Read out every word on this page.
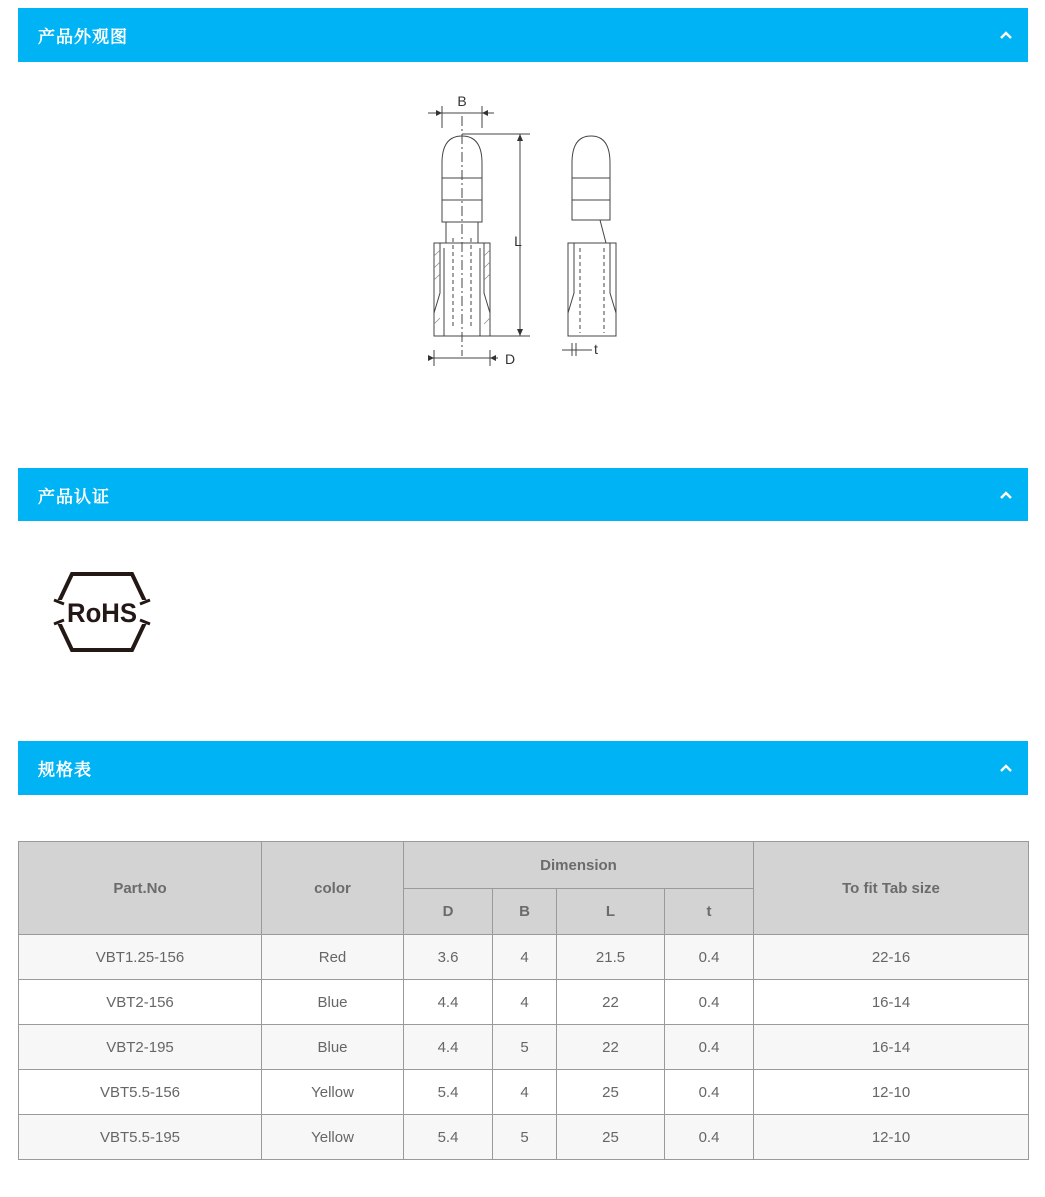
产品外观图
B
L
D
t
产品认证
RoHS
规格表
Part.No	color	Dimension				To fit Tab size
		D	B	L	t	
VBT1.25-156	Red	3.6	4	21.5	0.4	22-16
VBT2-156	Blue	4.4	4	22	0.4	16-14
VBT2-195	Blue	4.4	5	22	0.4	16-14
VBT5.5-156	Yellow	5.4	4	25	0.4	12-10
VBT5.5-195	Yellow	5.4	5	25	0.4	12-10
